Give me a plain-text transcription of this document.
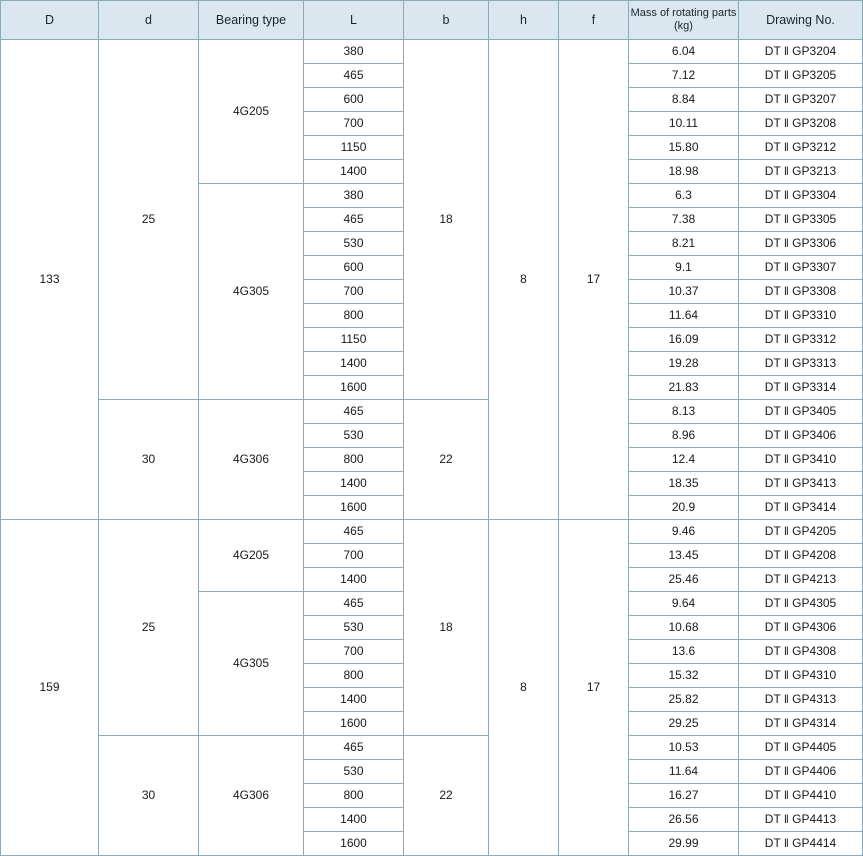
D	d	Bearing type	L	b	h	f	Mass of rotating parts (kg)	Drawing No.
133	25	4G205	380	18	8	17	6.04	DT ‖ GP3204
			465				7.12	DT ‖ GP3205
			600				8.84	DT ‖ GP3207
			700				10.11	DT ‖ GP3208
			1150				15.80	DT ‖ GP3212
			1400				18.98	DT ‖ GP3213
		4G305	380				6.3	DT ‖ GP3304
			465				7.38	DT ‖ GP3305
			530				8.21	DT ‖ GP3306
			600				9.1	DT ‖ GP3307
			700				10.37	DT ‖ GP3308
			800				11.64	DT ‖ GP3310
			1150				16.09	DT ‖ GP3312
			1400				19.28	DT ‖ GP3313
			1600				21.83	DT ‖ GP3314
	30	4G306	465	22			8.13	DT ‖ GP3405
			530				8.96	DT ‖ GP3406
			800				12.4	DT ‖ GP3410
			1400				18.35	DT ‖ GP3413
			1600				20.9	DT ‖ GP3414
159	25	4G205	465	18	8	17	9.46	DT ‖ GP4205
			700				13.45	DT ‖ GP4208
			1400				25.46	DT ‖ GP4213
		4G305	465				9.64	DT ‖ GP4305
			530				10.68	DT ‖ GP4306
			700				13.6	DT ‖ GP4308
			800				15.32	DT ‖ GP4310
			1400				25.82	DT ‖ GP4313
			1600				29.25	DT ‖ GP4314
	30	4G306	465	22			10.53	DT ‖ GP4405
			530				11.64	DT ‖ GP4406
			800				16.27	DT ‖ GP4410
			1400				26.56	DT ‖ GP4413
			1600				29.99	DT ‖ GP4414
